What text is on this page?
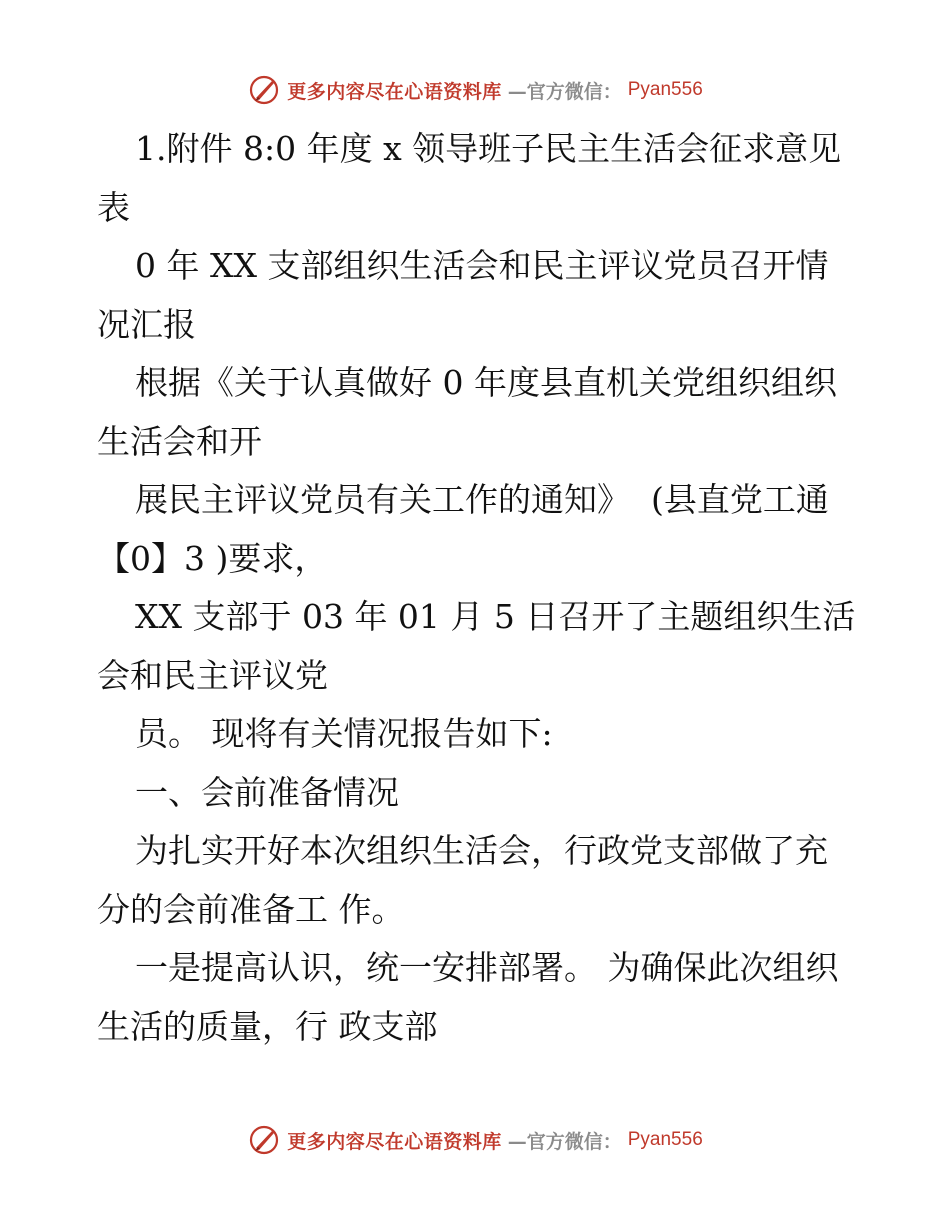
更多内容尽在心语资料库 —官方微信： Pyan556

1.附件 8:0 年度 x 领导班子民主生活会征求意见表

0 年 XX 支部组织生活会和民主评议党员召开情况汇报

根据《关于认真做好 0 年度县直机关党组织组织生活会和开

展民主评议党员有关工作的通知》  (县直党工通【0】3 )要求，

XX 支部于 03 年 01 月 5 日召开了主题组织生活会和民主评议党

员。 现将有关情况报告如下:

一、会前准备情况

为扎实开好本次组织生活会，行政党支部做了充分的会前准备工 作。

一是提高认识，统一安排部署。 为确保此次组织生活的质量，行 政支部

更多内容尽在心语资料库 —官方微信： Pyan556
